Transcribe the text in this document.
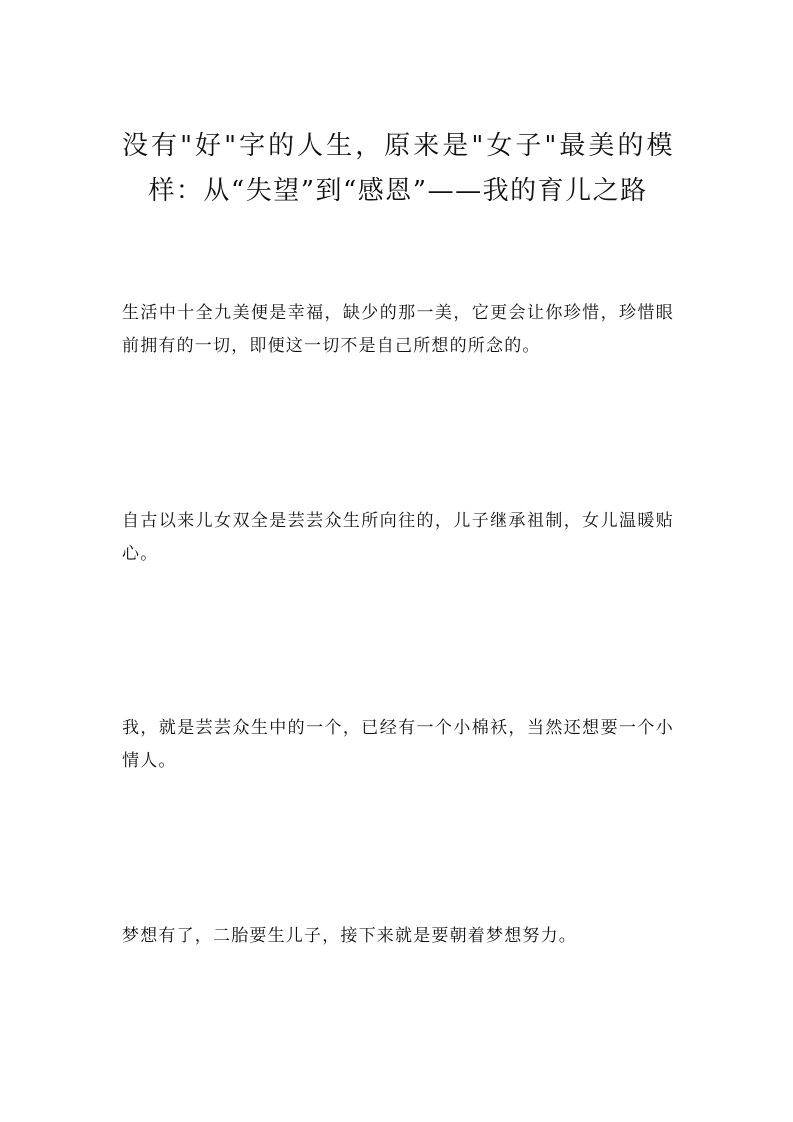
没有"好"字的人生，原来是"女子"最美的模样：从“失望”到“感恩”——我的育儿之路

生活中十全九美便是幸福，缺少的那一美，它更会让你珍惜，珍惜眼前拥有的一切，即便这一切不是自己所想的所念的。

自古以来儿女双全是芸芸众生所向往的，儿子继承祖制，女儿温暖贴心。

我，就是芸芸众生中的一个，已经有一个小棉袄，当然还想要一个小情人。

梦想有了，二胎要生儿子，接下来就是要朝着梦想努力。
